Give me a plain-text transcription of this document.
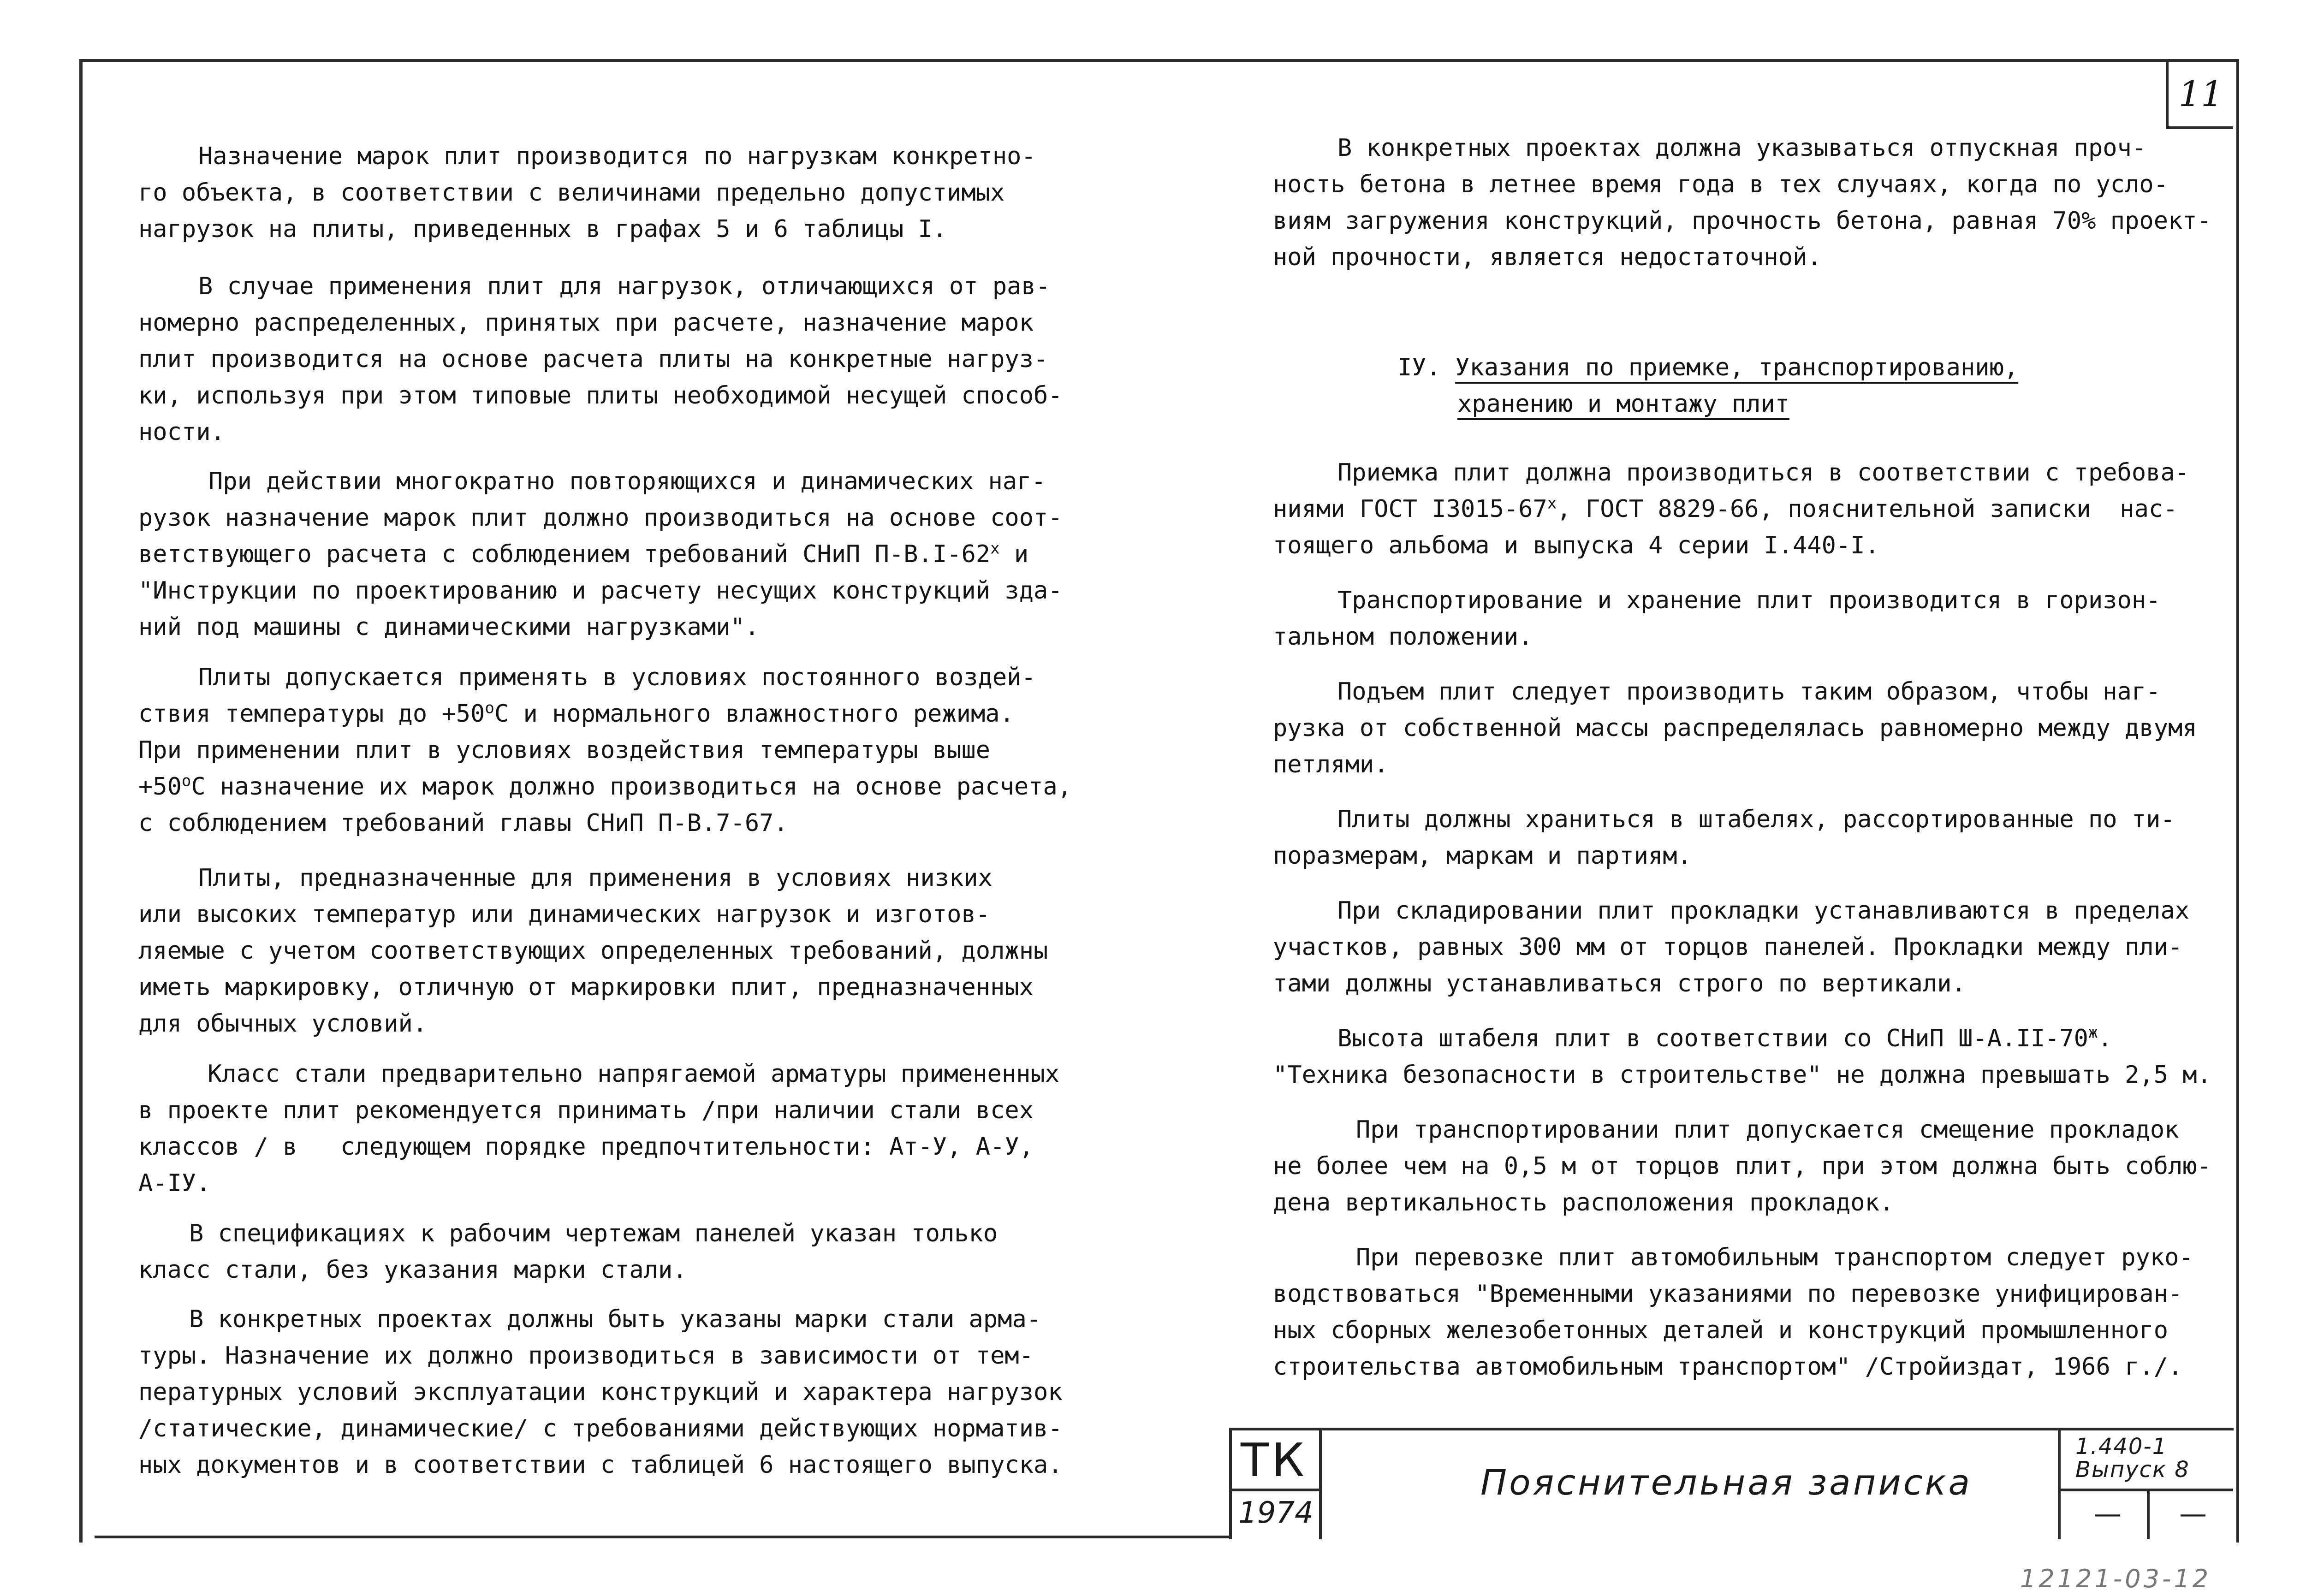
11

Назначение марок плит производится по нагрузкам конкретно-

го объекта, в соответствии с величинами предельно допустимых

нагрузок на плиты, приведенных в графах 5 и 6 таблицы I.

В случае применения плит для нагрузок, отличающихся от рав-

номерно распределенных, принятых при расчете, назначение марок

плит производится на основе расчета плиты на конкретные нагруз-

ки, используя при этом типовые плиты необходимой несущей способ-

ности.

При действии многократно повторяющихся и динамических наг-

рузок назначение марок плит должно производиться на основе соот-

ветствующего расчета с соблюдением требований СНиП $П-В.I-62^х$ и

"Инструкции по проектированию и расчету несущих конструкций зда-

ний под машины с динамическими нагрузками".

Плиты допускается применять в условиях постоянного воздей-

ствия температуры до $+50^оС$ и нормального влажностного режима.

При применении плит в условиях воздействия температуры выше

$+50^оС$ назначение их марок должно производиться на основе расчета,

с соблюдением требований главы СНиП П-В.7-67.

Плиты, предназначенные для применения в условиях низких

или высоких температур или динамических нагрузок и изготов-

ляемые с учетом соответствующих определенных требований, должны

иметь маркировку, отличную от маркировки плит, предназначенных

для обычных условий.

Класс стали предварительно напрягаемой арматуры примененных

в проекте плит рекомендуется принимать /при наличии стали всех

классов / в   следующем порядке предпочтительности: Ат-У, А-У,

А-IУ.

В спецификациях к рабочим чертежам панелей указан только

класс стали, без указания марки стали.

В конкретных проектах должны быть указаны марки стали арма-

туры. Назначение их должно производиться в зависимости от тем-

пературных условий эксплуатации конструкций и характера нагрузок

/статические, динамические/ с требованиями действующих норматив-

ных документов и в соответствии с таблицей 6 настоящего выпуска.

В конкретных проектах должна указываться отпускная проч-

ность бетона в летнее время года в тех случаях, когда по усло-

виям загружения конструкций, прочность бетона, равная 70% проект-

ной прочности, является недостаточной.

IУ. Указания по приемке, транспортированию,

хранению и монтажу плит

Приемка плит должна производиться в соответствии с требова-

ниями ГОСТ $I3015-67^х$, ГОСТ 8829-66, пояснительной записки  нас-

тоящего альбома и выпуска 4 серии I.440-I.

Транспортирование и хранение плит производится в горизон-

тальном положении.

Подъем плит следует производить таким образом, чтобы наг-

рузка от собственной массы распределялась равномерно между двумя

петлями.

Плиты должны храниться в штабелях, рассортированные по ти-

поразмерам, маркам и партиям.

При складировании плит прокладки устанавливаются в пределах

участков, равных 300 мм от торцов панелей. Прокладки между пли-

тами должны устанавливаться строго по вертикали.

Высота штабеля плит в соответствии со СНиП $Ш-А.II-70^ж$.

"Техника безопасности в строительстве" не должна превышать 2,5 м.

При транспортировании плит допускается смещение прокладок

не более чем на 0,5 м от торцов плит, при этом должна быть соблю-

дена вертикальность расположения прокладок.

При перевозке плит автомобильным транспортом следует руко-

водствоваться "Временными указаниями по перевозке унифицирован-

ных сборных железобетонных деталей и конструкций промышленного

строительства автомобильным транспортом" /Стройиздат, 1966 г./.

ТК
1974
Пояснительная записка
1.440-1
Выпуск 8
— —
12121-03-12
